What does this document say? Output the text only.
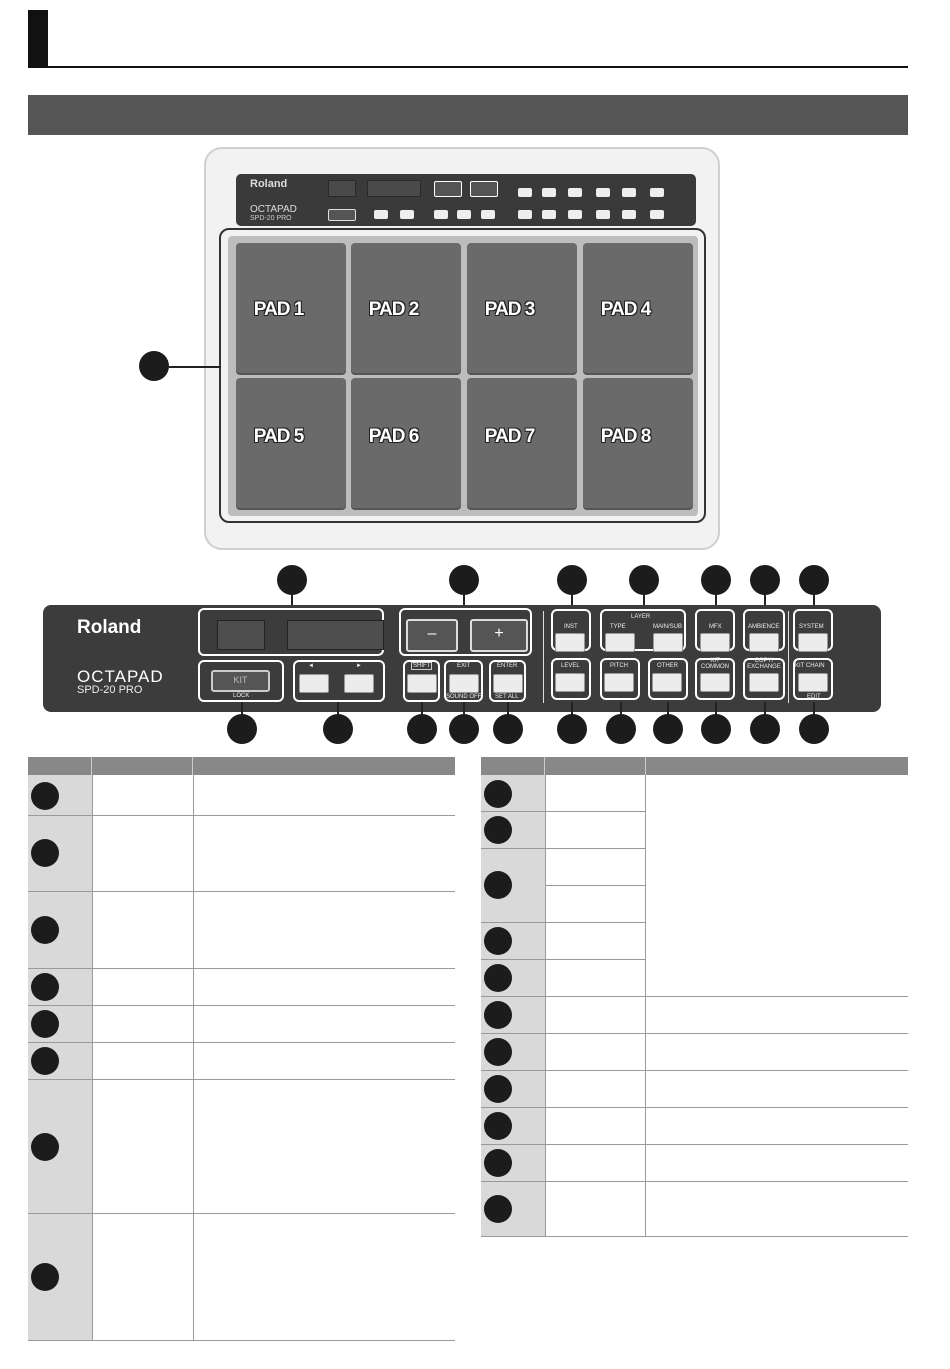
Roland
OCTAPAD
SPD-20 PRO
PAD 1	PAD 2	PAD 3	PAD 4
PAD 5	PAD 6	PAD 7	PAD 8
Roland
OCTAPAD
SPD-20 PRO
–	+
KIT
LOCK
◄	►	SHIFT	EXIT
SOUND OFF
ENTER
SET ALL
INST
LAYER
TYPE	MAIN/SUB	MFX	AMBIENCE	SYSTEM
LEVEL	PITCH	OTHER
KIT COMMON
COPY/ EXCHANGE	KIT CHAIN
EDIT
